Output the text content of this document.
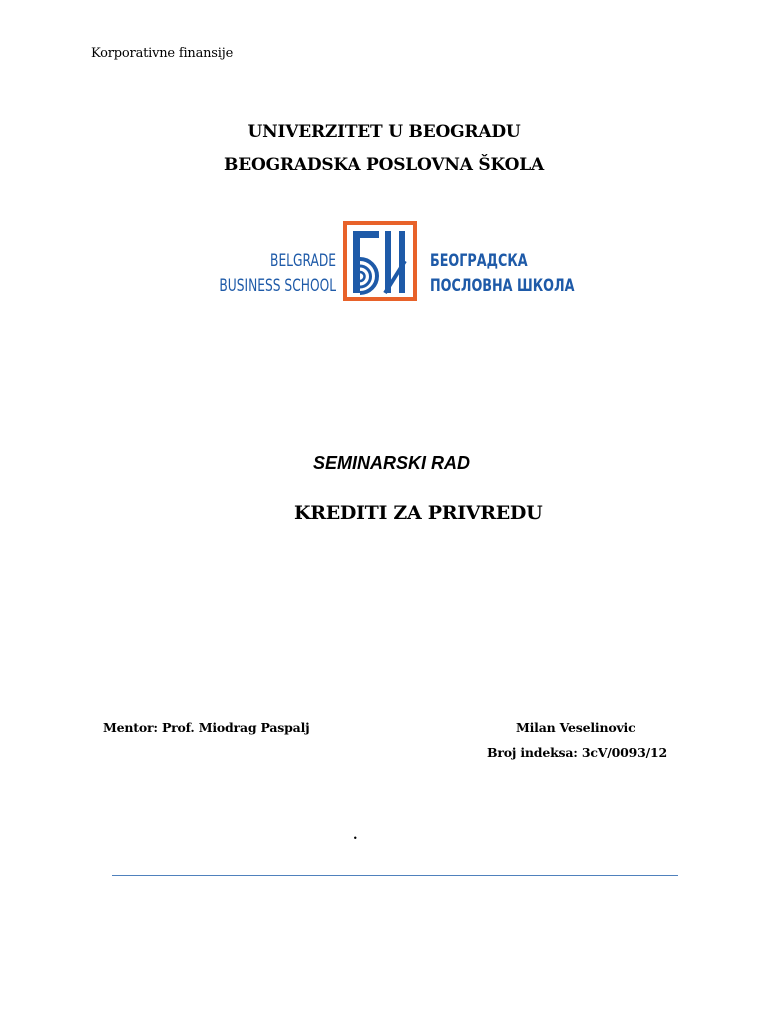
Korporativne finansije
UNIVERZITET U BEOGRADU
BEOGRADSKA POSLOVNA ŠKOLA
BELGRADE
BUSINESS SCHOOL
БЕОГРАДСКА
ПОСЛОВНА ШКОЛА
SEMINARSKI RAD
KREDITI ZA PRIVREDU
Mentor: Prof. Miodrag Paspalj	Milan Veselinovic
Broj indeksa: 3cV/0093/12
.
